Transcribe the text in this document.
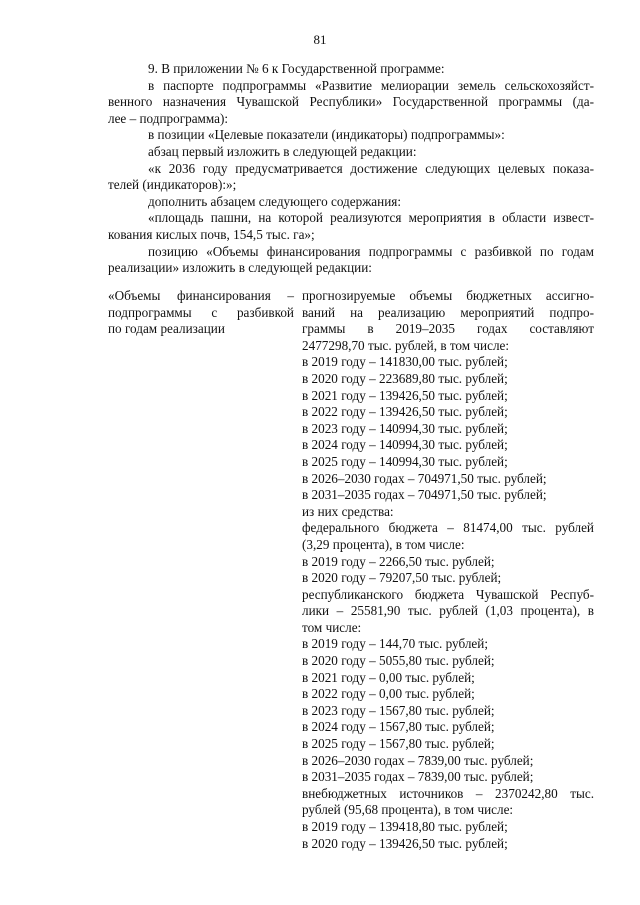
81
9. В приложении № 6 к Государственной программе:
в паспорте подпрограммы «Развитие мелиорации земель сельскохозяйст-
венного назначения Чувашской Республики» Государственной программы (да-
лее – подпрограмма):
в позиции «Целевые показатели (индикаторы) подпрограммы»:
абзац первый изложить в следующей редакции:
«к 2036 году предусматривается достижение следующих целевых показа-
телей (индикаторов):»;
дополнить абзацем следующего содержания:
«площадь пашни, на которой реализуются мероприятия в области извест-
кования кислых почв, 154,5 тыс. га»;
позицию «Объемы финансирования подпрограммы с разбивкой по годам
реализации» изложить в следующей редакции:
«Объемы финансирования –
подпрограммы с разбивкой
по годам реализации
прогнозируемые объемы бюджетных ассигно-
ваний на реализацию мероприятий подпро-
граммы в 2019–2035 годах составляют
2477298,70 тыс. рублей, в том числе:
в 2019 году – 141830,00 тыс. рублей;
в 2020 году – 223689,80 тыс. рублей;
в 2021 году – 139426,50 тыс. рублей;
в 2022 году – 139426,50 тыс. рублей;
в 2023 году – 140994,30 тыс. рублей;
в 2024 году – 140994,30 тыс. рублей;
в 2025 году – 140994,30 тыс. рублей;
в 2026–2030 годах – 704971,50 тыс. рублей;
в 2031–2035 годах – 704971,50 тыс. рублей;
из них средства:
федерального бюджета – 81474,00 тыс. рублей
(3,29 процента), в том числе:
в 2019 году – 2266,50 тыс. рублей;
в 2020 году – 79207,50 тыс. рублей;
республиканского бюджета Чувашской Респуб-
лики – 25581,90 тыс. рублей (1,03 процента), в
том числе:
в 2019 году – 144,70 тыс. рублей;
в 2020 году – 5055,80 тыс. рублей;
в 2021 году – 0,00 тыс. рублей;
в 2022 году – 0,00 тыс. рублей;
в 2023 году – 1567,80 тыс. рублей;
в 2024 году – 1567,80 тыс. рублей;
в 2025 году – 1567,80 тыс. рублей;
в 2026–2030 годах – 7839,00 тыс. рублей;
в 2031–2035 годах – 7839,00 тыс. рублей;
внебюджетных источников – 2370242,80 тыс.
рублей (95,68 процента), в том числе:
в 2019 году – 139418,80 тыс. рублей;
в 2020 году – 139426,50 тыс. рублей;
